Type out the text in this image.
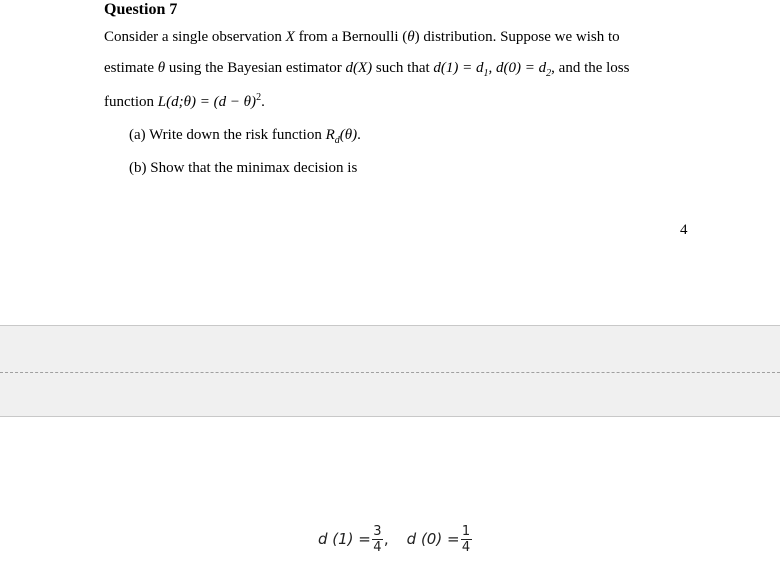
Question 7
Consider a single observation X from a Bernoulli (θ) distribution. Suppose we wish to
estimate θ using the Bayesian estimator d(X) such that $d(1) = d_1$, $d(0) = d_2$, and the loss
function L(d;θ) = $(d - \theta)^2$.
(a) Write down the risk function $R_d(\theta)$.
(b) Show that the minimax decision is
4
d $(1) = \frac{3}{4}$ , d $(0) = \frac{1}{4}$
